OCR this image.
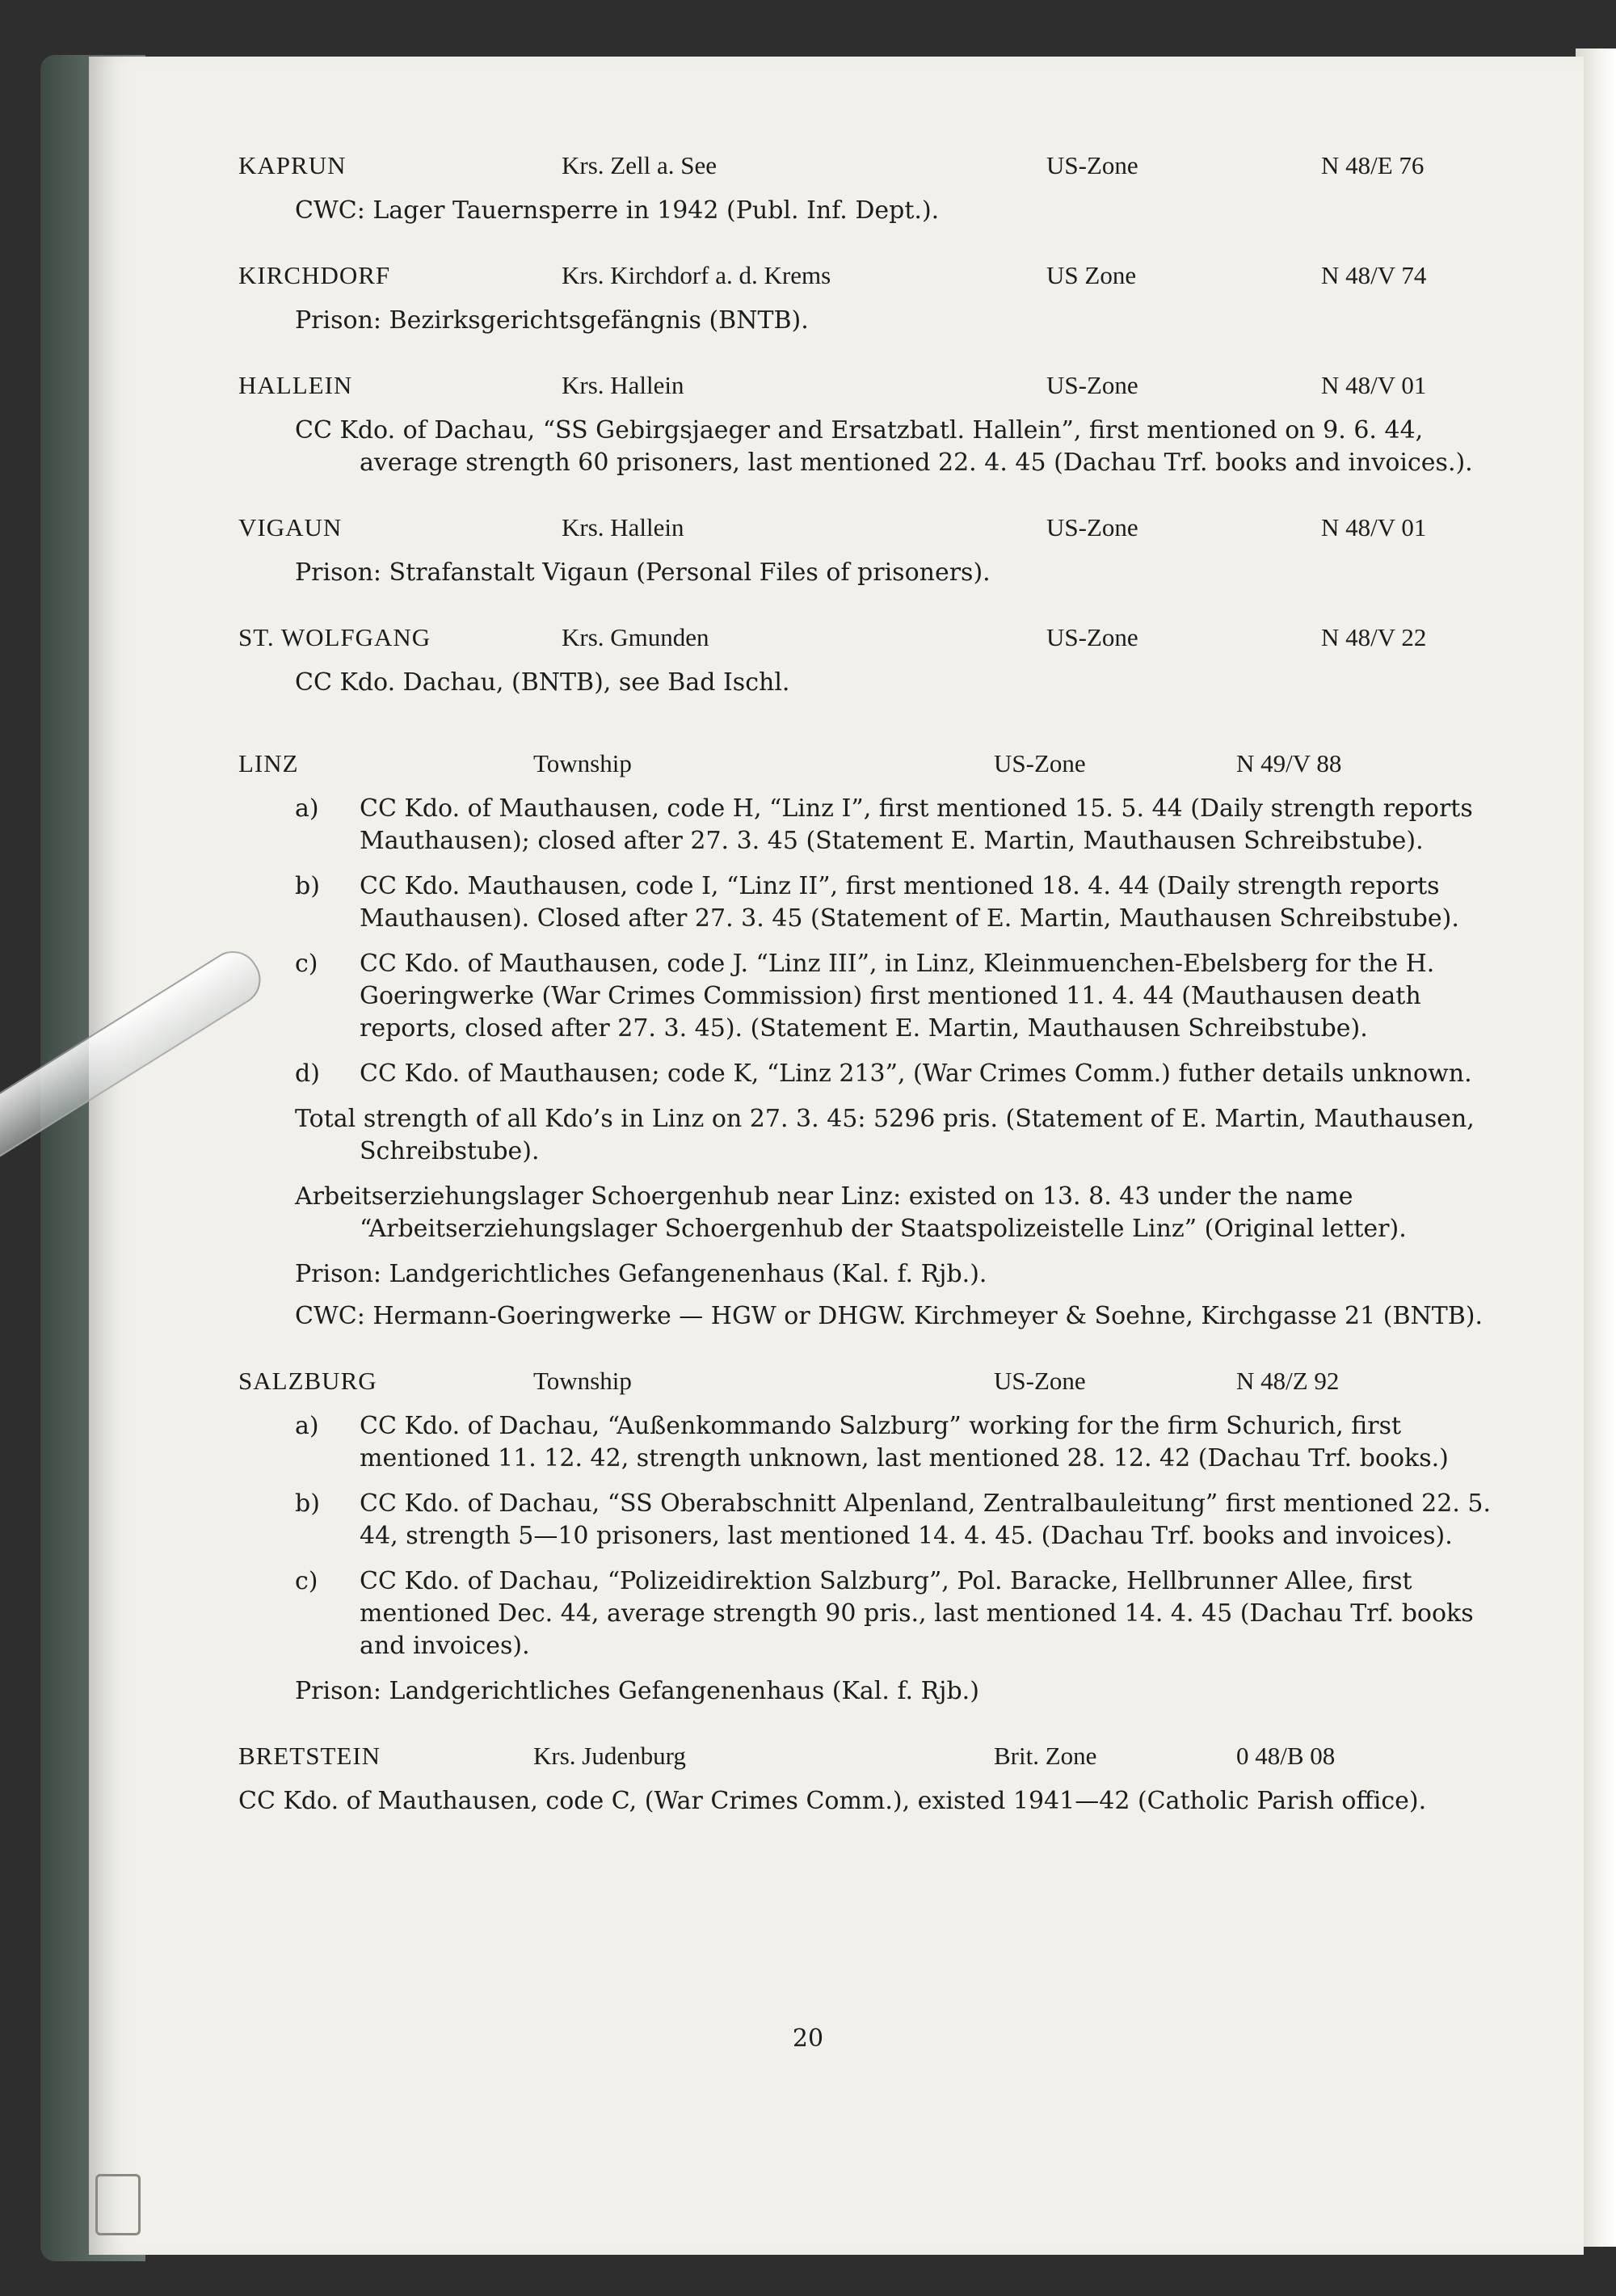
KAPRUN	Krs. Zell a. See	US-Zone	N 48/E 76
CWC: Lager Tauernsperre in 1942 (Publ. Inf. Dept.).
KIRCHDORF	Krs. Kirchdorf a. d. Krems	US Zone	N 48/V 74
Prison: Bezirksgerichtsgefängnis (BNTB).
HALLEIN	Krs. Hallein	US-Zone	N 48/V 01
CC Kdo. of Dachau, “SS Gebirgsjaeger and Ersatzbatl. Hallein”, first mentioned on 9. 6. 44, average strength 60 prisoners, last mentioned 22. 4. 45 (Dachau Trf. books and invoices.).
VIGAUN	Krs. Hallein	US-Zone	N 48/V 01
Prison: Strafanstalt Vigaun (Personal Files of prisoners).
ST. WOLFGANG	Krs. Gmunden	US-Zone	N 48/V 22
CC Kdo. Dachau, (BNTB), see Bad Ischl.
LINZ	Township	US-Zone	N 49/V 88
a) CC Kdo. of Mauthausen, code H, “Linz I”, first mentioned 15. 5. 44 (Daily strength reports Mauthausen); closed after 27. 3. 45 (Statement E. Martin, Mauthausen Schreibstube).
b) CC Kdo. Mauthausen, code I, “Linz II”, first mentioned 18. 4. 44 (Daily strength reports Mauthausen). Closed after 27. 3. 45 (Statement of E. Martin, Mauthausen Schreibstube).
c) CC Kdo. of Mauthausen, code J. “Linz III”, in Linz, Kleinmuenchen-Ebelsberg for the H. Goeringwerke (War Crimes Commission) first mentioned 11. 4. 44 (Mauthausen death reports, closed after 27. 3. 45). (Statement E. Martin, Mauthausen Schreibstube).
d) CC Kdo. of Mauthausen; code K, “Linz 213”, (War Crimes Comm.) futher details unknown.
Total strength of all Kdo’s in Linz on 27. 3. 45: 5296 pris. (Statement of E. Martin, Mauthausen, Schreibstube).
Arbeitserziehungslager Schoergenhub near Linz: existed on 13. 8. 43 under the name “Arbeitserziehungslager Schoergenhub der Staatspolizeistelle Linz” (Original letter).
Prison: Landgerichtliches Gefangenenhaus (Kal. f. Rjb.).
CWC: Hermann-Goeringwerke — HGW or DHGW. Kirchmeyer & Soehne, Kirchgasse 21 (BNTB).
SALZBURG	Township	US-Zone	N 48/Z 92
a) CC Kdo. of Dachau, “Außenkommando Salzburg” working for the firm Schurich, first mentioned 11. 12. 42, strength unknown, last mentioned 28. 12. 42 (Dachau Trf. books.)
b) CC Kdo. of Dachau, “SS Oberabschnitt Alpenland, Zentralbauleitung” first mentioned 22. 5. 44, strength 5—10 prisoners, last mentioned 14. 4. 45. (Dachau Trf. books and invoices).
c) CC Kdo. of Dachau, “Polizeidirektion Salzburg”, Pol. Baracke, Hellbrunner Allee, first mentioned Dec. 44, average strength 90 pris., last mentioned 14. 4. 45 (Dachau Trf. books and invoices).
Prison: Landgerichtliches Gefangenenhaus (Kal. f. Rjb.)
BRETSTEIN	Krs. Judenburg	Brit. Zone	0 48/B 08
CC Kdo. of Mauthausen, code C, (War Crimes Comm.), existed 1941—42 (Catholic Parish office).
20
